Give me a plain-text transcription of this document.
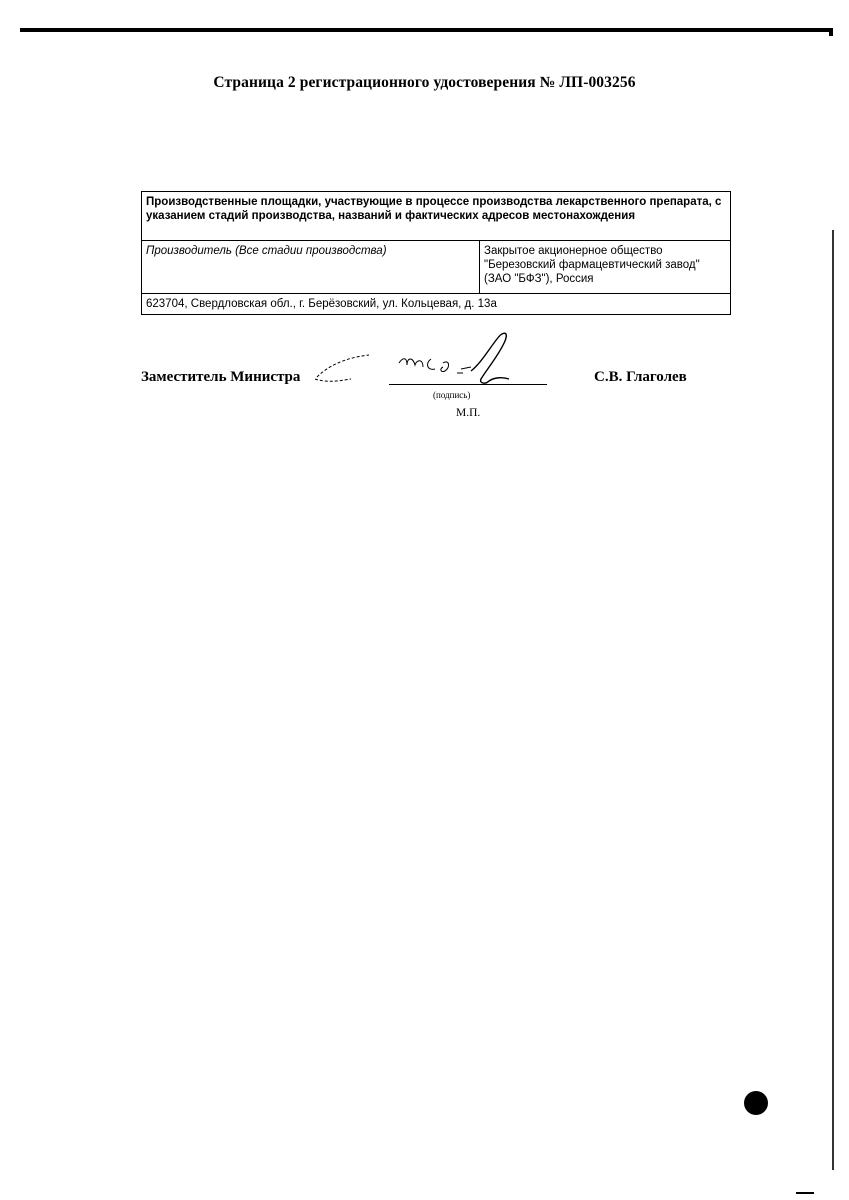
Страница 2 регистрационного удостоверения № ЛП-003256
Производственные площадки, участвующие в процессе производства лекарственного препарата, с указанием стадий производства, названий и фактических адресов местонахождения
Производитель (Все стадии производства)	Закрытое акционерное общество
"Березовский фармацевтический завод"
(ЗАО "БФЗ"), Россия

623704, Свердловская обл., г. Берёзовский, ул. Кольцевая, д. 13а
Заместитель Министра
(подпись)
С.В. Глаголев
М.П.
